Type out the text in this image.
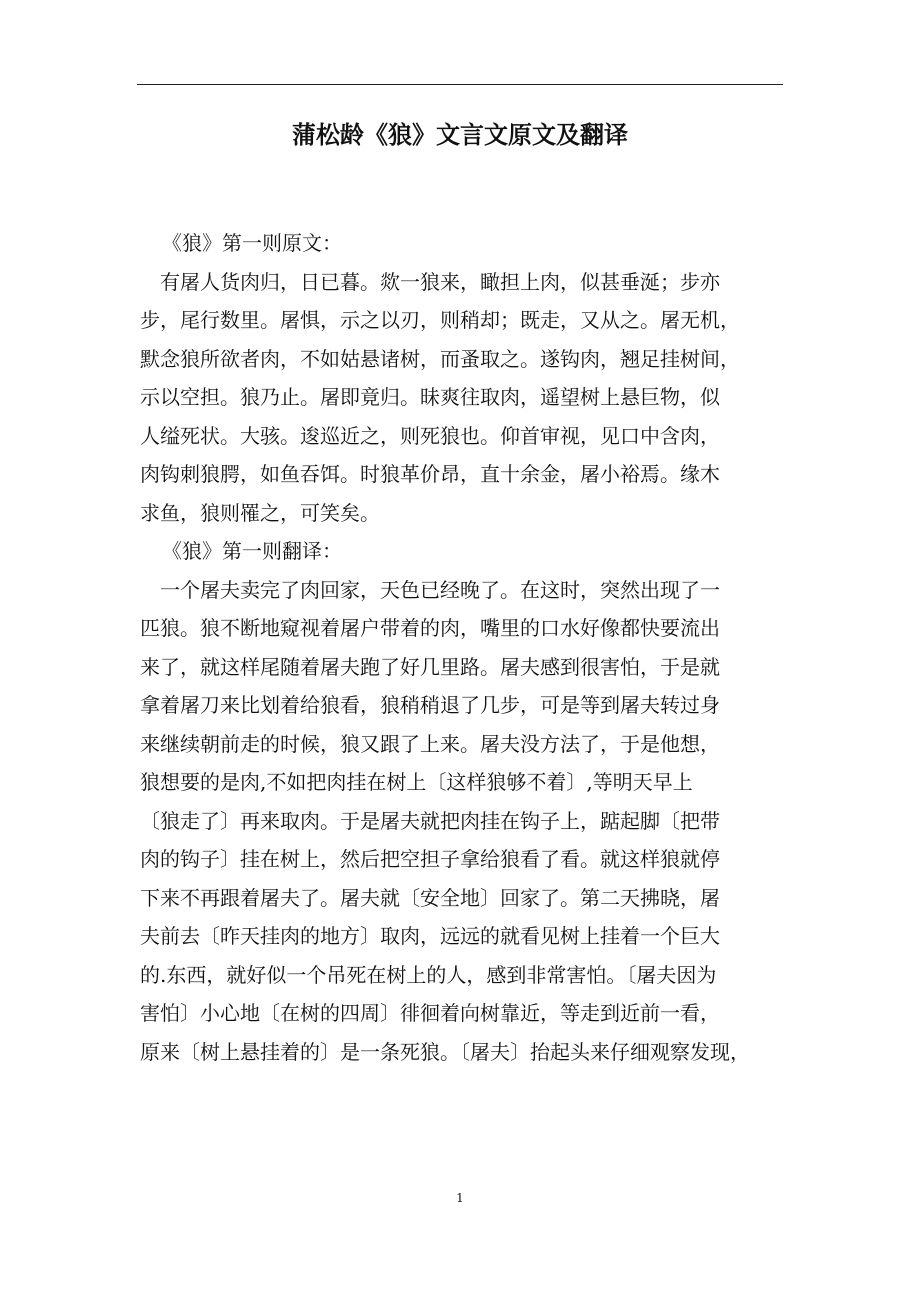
蒲松龄《狼》文言文原文及翻译
《狼》第一则原文：
有屠人货肉归，日已暮。欻一狼来，瞰担上肉，似甚垂涎；步亦
步，尾行数里。屠惧，示之以刃，则稍却；既走，又从之。屠无机，
默念狼所欲者肉，不如姑悬诸树，而蚤取之。遂钩肉，翘足挂树间，
示以空担。狼乃止。屠即竟归。昧爽往取肉，遥望树上悬巨物，似
人缢死状。大骇。逡巡近之，则死狼也。仰首审视，见口中含肉，
肉钩刺狼腭，如鱼吞饵。时狼革价昂，直十余金，屠小裕焉。缘木
求鱼，狼则罹之，可笑矣。
《狼》第一则翻译：
一个屠夫卖完了肉回家，天色已经晚了。在这时，突然出现了一
匹狼。狼不断地窥视着屠户带着的肉，嘴里的口水好像都快要流出
来了，就这样尾随着屠夫跑了好几里路。屠夫感到很害怕，于是就
拿着屠刀来比划着给狼看，狼稍稍退了几步，可是等到屠夫转过身
来继续朝前走的时候，狼又跟了上来。屠夫没方法了，于是他想，
狼想要的是肉,不如把肉挂在树上〔这样狼够不着〕,等明天早上
〔狼走了〕再来取肉。于是屠夫就把肉挂在钩子上，踮起脚〔把带
肉的钩子〕挂在树上，然后把空担子拿给狼看了看。就这样狼就停
下来不再跟着屠夫了。屠夫就〔安全地〕回家了。第二天拂晓，屠
夫前去〔昨天挂肉的地方〕取肉，远远的就看见树上挂着一个巨大
的.东西，就好似一个吊死在树上的人，感到非常害怕。〔屠夫因为
害怕〕小心地〔在树的四周〕徘徊着向树靠近，等走到近前一看，
原来〔树上悬挂着的〕是一条死狼。〔屠夫〕抬起头来仔细观察发现，
1
